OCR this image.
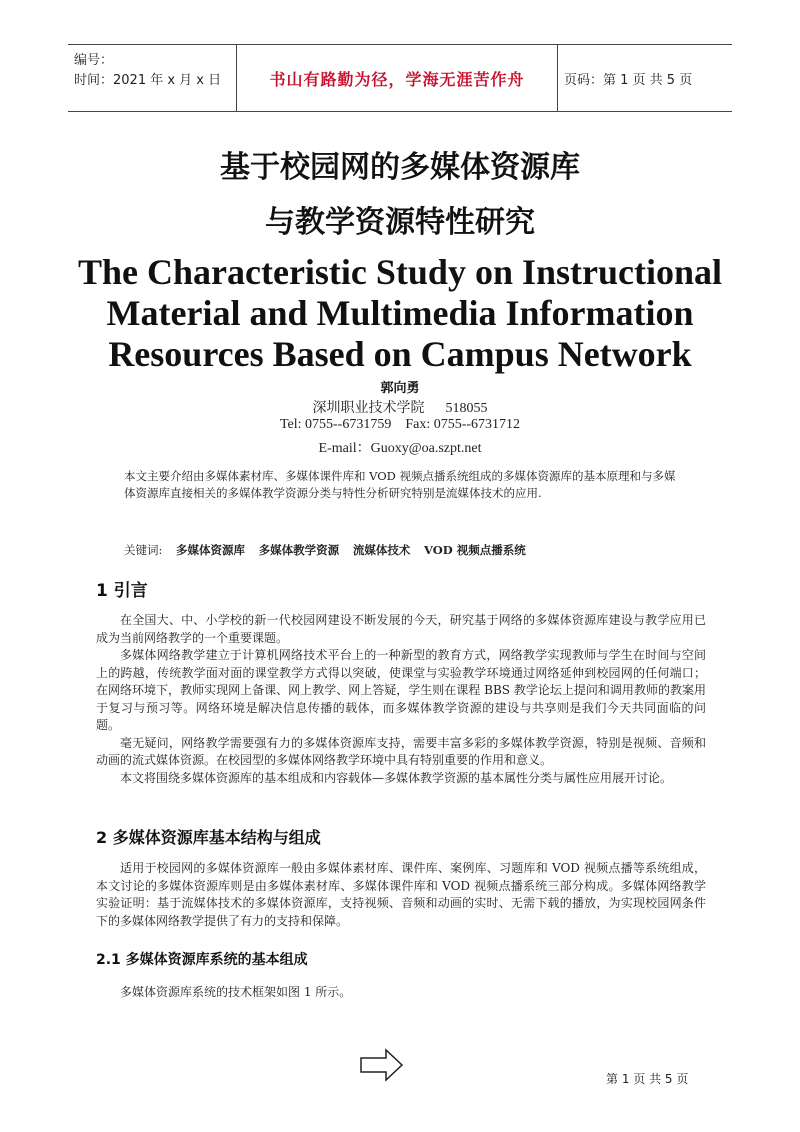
编号：
时间：2021 年 x 月 x 日	书山有路勤为径，学海无涯苦作舟	页码：第 1 页 共 5 页
基于校园网的多媒体资源库
与教学资源特性研究
The Characteristic Study on Instructional Material and Multimedia Information Resources Based on Campus Network
郭向勇
深圳职业技术学院      518055
Tel: 0755--6731759    Fax: 0755--6731712
E-mail：Guoxy@oa.szpt.net
本文主要介绍由多媒体素材库、多媒体课件库和 VOD 视频点播系统组成的多媒体资源库的基本原理和与多媒体资源库直接相关的多媒体教学资源分类与特性分析研究特别是流媒体技术的应用.
关键词: 多媒体资源库 多媒体教学资源 流媒体技术 VOD 视频点播系统
1 引言

在全国大、中、小学校的新一代校园网建设不断发展的今天，研究基于网络的多媒体资源库建设与教学应用已成为当前网络教学的一个重要课题。

多媒体网络教学建立于计算机网络技术平台上的一种新型的教育方式，网络教学实现教师与学生在时间与空间上的跨越，传统教学面对面的课堂教学方式得以突破，使课堂与实验教学环境通过网络延伸到校园网的任何端口；在网络环境下，教师实现网上备课、网上教学、网上答疑，学生则在课程 BBS 教学论坛上提问和调用教师的教案用于复习与预习等。网络环境是解决信息传播的载体，而多媒体教学资源的建设与共享则是我们今天共同面临的问题。

毫无疑问，网络教学需要强有力的多媒体资源库支持，需要丰富多彩的多媒体教学资源，特别是视频、音频和动画的流式媒体资源。在校园型的多媒体网络教学环境中具有特别重要的作用和意义。

本文将围绕多媒体资源库的基本组成和内容载体—多媒体教学资源的基本属性分类与属性应用展开讨论。

2 多媒体资源库基本结构与组成

适用于校园网的多媒体资源库一般由多媒体素材库、课件库、案例库、习题库和 VOD 视频点播等系统组成，本文讨论的多媒体资源库则是由多媒体素材库、多媒体课件库和 VOD 视频点播系统三部分构成。多媒体网络教学实验证明：基于流媒体技术的多媒体资源库，支持视频、音频和动画的实时、无需下载的播放，为实现校园网条件下的多媒体网络教学提供了有力的支持和保障。

2.1 多媒体资源库系统的基本组成

多媒体资源库系统的技术框架如图 1 所示。

第 1 页 共 5 页
